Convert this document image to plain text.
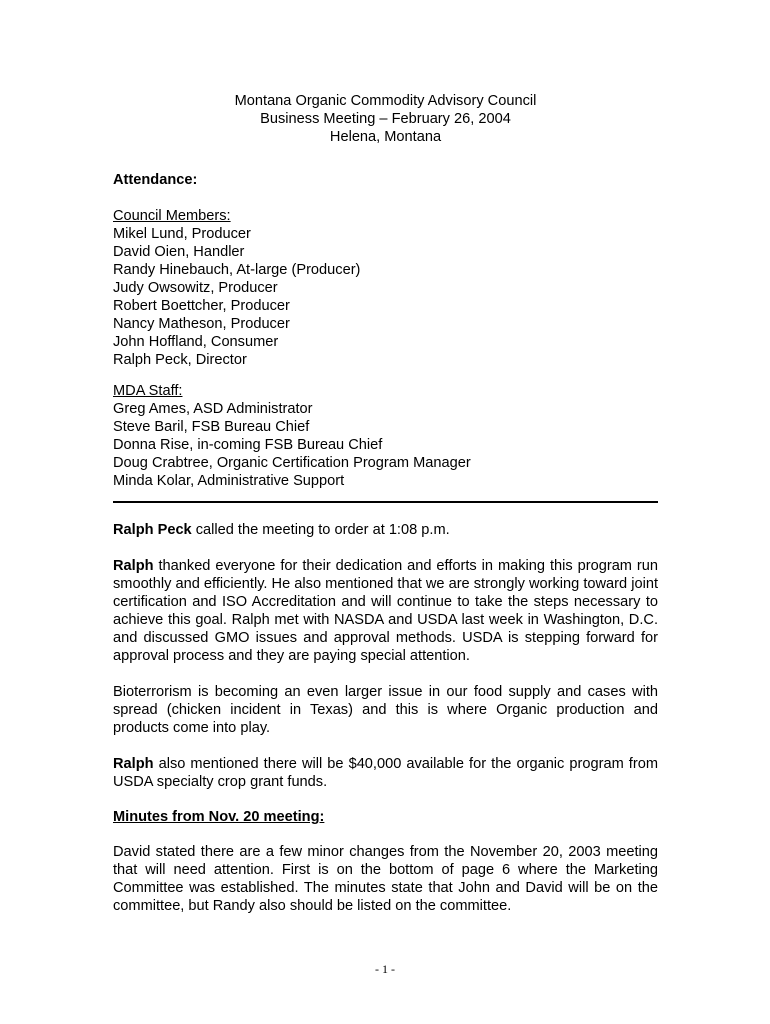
Montana Organic Commodity Advisory Council
Business Meeting – February 26, 2004
Helena, Montana
Attendance:
Council Members:
Mikel Lund, Producer
David Oien, Handler
Randy Hinebauch, At-large (Producer)
Judy Owsowitz, Producer
Robert Boettcher, Producer
Nancy Matheson, Producer
John Hoffland, Consumer
Ralph Peck, Director
MDA Staff:
Greg Ames, ASD Administrator
Steve Baril, FSB Bureau Chief
Donna Rise, in-coming FSB Bureau Chief
Doug Crabtree, Organic Certification Program Manager
Minda Kolar, Administrative Support

Ralph Peck called the meeting to order at 1:08 p.m.

Ralph thanked everyone for their dedication and efforts in making this program run smoothly and efficiently. He also mentioned that we are strongly working toward joint certification and ISO Accreditation and will continue to take the steps necessary to achieve this goal. Ralph met with NASDA and USDA last week in Washington, D.C. and discussed GMO issues and approval methods. USDA is stepping forward for approval process and they are paying special attention.

Bioterrorism is becoming an even larger issue in our food supply and cases with spread (chicken incident in Texas) and this is where Organic production and products come into play.

Ralph also mentioned there will be $40,000 available for the organic program from USDA specialty crop grant funds.

Minutes from Nov. 20 meeting:

David stated there are a few minor changes from the November 20, 2003 meeting that will need attention. First is on the bottom of page 6 where the Marketing Committee was established. The minutes state that John and David will be on the committee, but Randy also should be listed on the committee.

- 1 -
